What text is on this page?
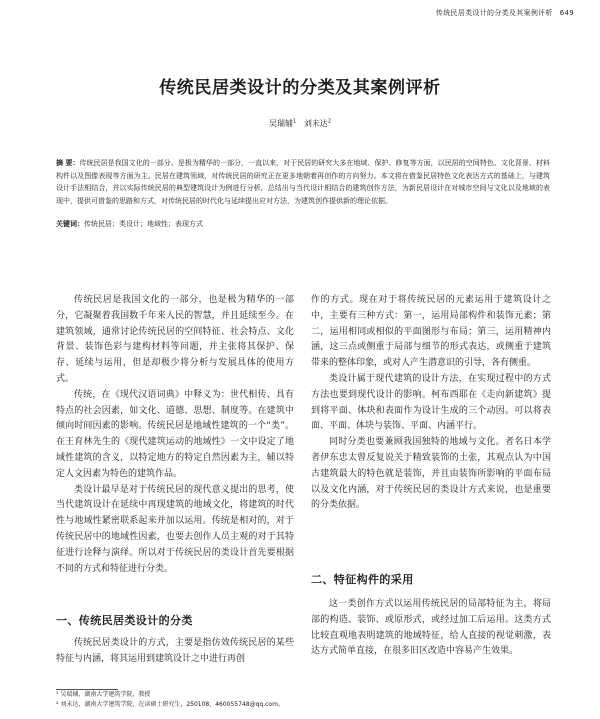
传统民居类设计的分类及其案例评析 649
传统民居类设计的分类及其案例评析
吴瑞辅$^1$ 刘未达$^2$
摘 要：传统民居是我国文化的一部分。是极为精华的一部分，一直以来，对于民居的研究大多在地域、保护、修复等方面，以民居的空间特色、文化背景、材料构件以及图像表现等方面为主。民居在建筑领域，对传统民居的研究正在更多地朝着再创作的方向努力。本文将在借鉴民居特色文化表达方式的基础上，与建筑设计手法相结合，并以实际传统民居的典型建筑设计为例进行分析，总结出与当代设计相结合的建筑创作方法，为新民居设计在对城市空间与文化以及地域的表现中，提供可借鉴的思路和方式，对传统民居的时代化与延续提出应对方法，为建筑创作提供新的理论依据。
关键词：传统民居；类设计；地域性；表现方式

传统民居是我国文化的一部分，也是极为精华的一部分，它凝聚着我国数千年来人民的智慧，并且延续至今。在建筑领域，通常讨论传统民居的空间特征、社会特点、文化背景、装饰色彩与建构材料等问题，并主张将其保护、保存、延续与运用，但是却极少将分析与发展具体的使用方式。

传统，在《现代汉语词典》中释义为：世代相传、具有特点的社会因素，如文化、道德、思想、制度等。在建筑中倾向时间因素的影响。传统民居是地域性建筑的一个“类”。在王育林先生的《现代建筑运动的地域性》一文中设定了地域性建筑的含义，以特定地方的特定自然因素为主，辅以特定人文因素为特色的建筑作品。

类设计最早是对于传统民居的现代意义提出的思考，使当代建筑设计在延续中再现建筑的地域文化，将建筑的时代性与地域性紧密联系起来并加以运用。传统是相对的，对于传统民居中的地域性因素，也要去创作人员主观的对于其特征进行诠释与演绎。所以对于传统民居的类设计首先要根据不同的方式和特征进行分类。

一、传统民居类设计的分类

传统民居类设计的方式，主要是指仿效传统民居的某些特征与内涵，将其运用到建筑设计之中进行再创

作的方式。现在对于将传统民居的元素运用于建筑设计之中，主要有三种方式：第一，运用局部构件和装饰元素；第二，运用相同或相似的平面图形与布局；第三，运用精神内涵，这三点或侧重于局部与细节的形式表达，或侧重于建筑带来的整体印象，或对人产生潜意识的引导，各有侧重。

类设计属于现代建筑的设计方法，在实现过程中的方式方法也要到现代设计的影响。柯布西耶在《走向新建筑》提到将平面、体块和表面作为设计生成的三个动因。可以将表面、平面、体块与装饰、平面、内涵平行。

同时分类也要兼顾我国独特的地域与文化。者名日本学者伊东忠太曾反复说关于精致装饰的土张，其观点认为中国古建筑最大的特色就是装饰，并且由装饰所影响的平面布局以及文化内涵，对于传统民居的类设计方式来说，也是重要的分类依据。

二、特征构件的采用

这一类创作方式以运用传统民居的局部特征为主，将局部的构造、装饰、或原形式，或经过加工后运用。这类方式比较直观地表明建筑的地域特征，给人直接的视觉刺激，表达方式简单直接，在很多旧区改造中容易产生效果。

¹ 吴瑞辅，湖南大学建筑学院，教授
² 刘未达，湖南大学建筑学院，在读硕士研究生，250108，460055748@qq.com。
